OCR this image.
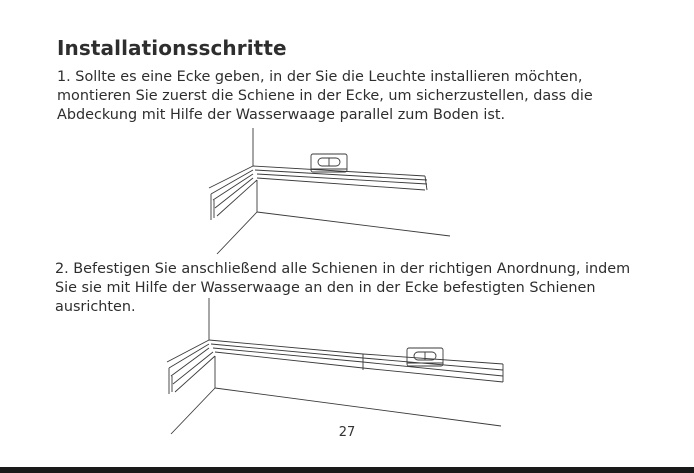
Installationsschritte
1. Sollte es eine Ecke geben, in der Sie die Leuchte installieren möchten,
montieren Sie zuerst die Schiene in der Ecke, um sicherzustellen, dass die
Abdeckung mit Hilfe der Wasserwaage parallel zum Boden ist.
2. Befestigen Sie anschließend alle Schienen in der richtigen Anordnung, indem
Sie sie mit Hilfe der Wasserwaage an den in der Ecke befestigten Schienen
ausrichten.
27
